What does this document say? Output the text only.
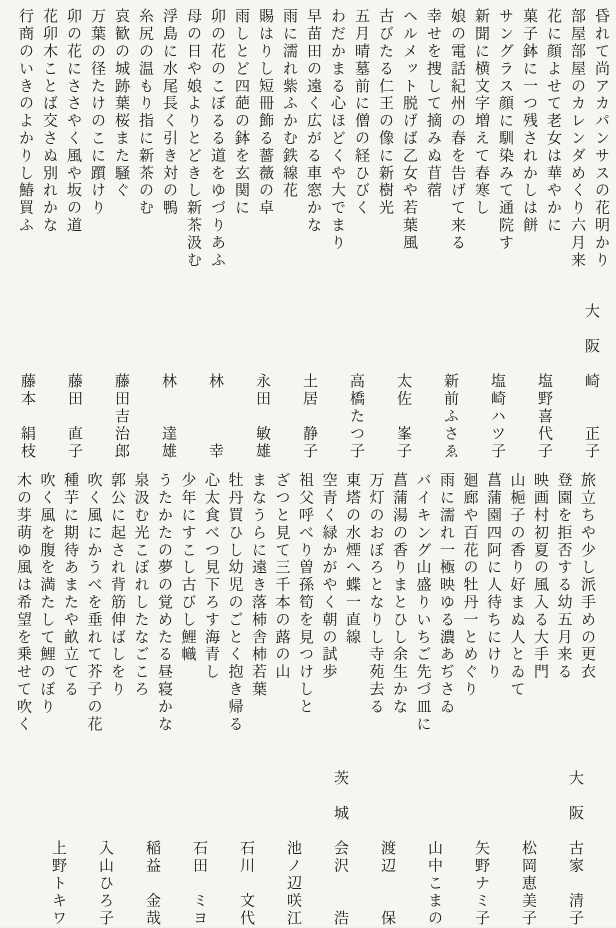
昏れて尚アカパンサスの花明かり
部屋部屋のカレンダめくり六月来
花に顔よせて老女は華やかに
菓子鉢に一つ残されかしは餅
サングラス顔に馴染みて通院す
新聞に横文字増えて春寒し
娘の電話紀州の春を告げて来る
幸せを捜して摘みぬ苜蓿
ヘルメット脱げば乙女や若葉風
古びたる仁王の像に新樹光
五月晴墓前に僧の経ひびく
わだかまる心ほどくや大でまり
早苗田の遠く広がる車窓かな
雨に濡れ紫ふかむ鉄線花
賜はりし短冊飾る薔薇の卓
雨しとど四葩の鉢を玄関に
卯の花のこぼるる道をゆづりあふ
母の日や娘よりとどきし新茶汲む
浮島に水尾長く引き対の鴨
糸尻の温もり指に新茶のむ
哀歓の城跡葉桜また騒ぐ
万葉の径たけのこに躓けり
卯の花にささやく風や坂の道
花卯木ことば交さぬ別れかな
行商のいきのよかりし鰆買ふ
大　阪　崎　　正子
　　　　塩野喜代子
　　　　塩崎ハツ子
　　　　新前ふさゑ
　　　　太佐　峯子
　　　　高橋たつ子
　　　　土居　静子
　　　　永田　敏雄
　　　　林　　　幸
　　　　林　　達雄
　　　　藤田吉治郎
　　　　藤田　直子
　　　　藤本　絹枝
旅立ちや少し派手めの更衣
登園を拒否する幼五月来る
映画村初夏の風入る大手門
山梔子の香り好まぬ人とゐて
菖蒲園四阿に人待ちにけり
廻廊や百花の牡丹一とめぐり
雨に濡れ一極映ゆる濃あぢさゐ
バイキング山盛りいちご先づ皿に
菖蒲湯の香りまとひし余生かな
万灯のおぼろとなりし寺苑去る
東塔の水煙へ蝶一直線
空青く緑かがやく朝の試歩
祖父呼べり曽孫筍を見つけしと
ざつと見て三千本の蕗の山
まなうらに遠き落柿舎柿若葉
牡丹買ひし幼児のごとく抱き帰る
心太食べつ見下ろす海青し
少年にすこし古びし鯉幟
うたかたの夢の覚めたる昼寝かな
泉汲む光こぼれしたなごころ
郭公に起され背筋伸ばしをり
吹く風にかうべを垂れて芥子の花
種芋に期待あまたや畝立てる
吹く風を腹を満たして鯉のぼり
木の芽萌ゆ風は希望を乗せて吹く
大　阪　古家　清子
　　　　松岡恵美子
　　　　矢野ナミ子
　　　　山中こまの
　　　　渡辺　　保
茨　城　会沢　　浩
　　　　池ノ辺咲江
　　　　石川　文代
　　　　石田　ミヨ
　　　　稲益　金哉
　　　　入山ひろ子
　　　　上野トキワ
